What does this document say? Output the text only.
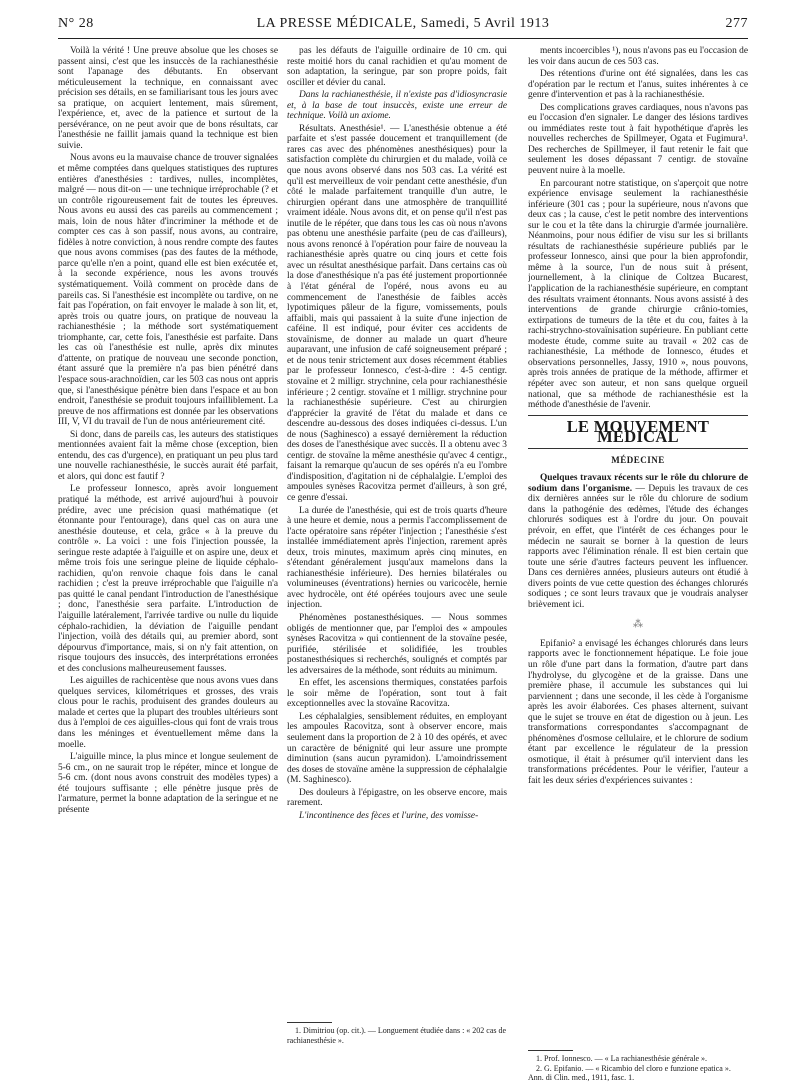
N° 28	LA PRESSE MÉDICALE, Samedi, 5 Avril 1913	277

Voilà la vérité ! Une preuve absolue que les choses se passent ainsi, c'est que les insuccès de la rachianesthésie sont l'apanage des débutants. En observant méticuleusement la technique, en connaissant avec précision ses détails, en se familiarisant tous les jours avec sa pratique, on acquiert lentement, mais sûrement, l'expérience, et, avec de la patience et surtout de la persévérance, on ne peut avoir que de bons résultats, car l'anesthésie ne faillit jamais quand la technique est bien suivie.

Nous avons eu la mauvaise chance de trouver signalées et même comptées dans quelques statistiques des ruptures entières d'anesthésies : tardives, nulles, incomplètes, malgré — nous dit-on — une technique irréprochable (? et un contrôle rigoureusement fait de toutes les épreuves. Nous avons eu aussi des cas pareils au commencement ; mais, loin de nous hâter d'incriminer la méthode et de compter ces cas à son passif, nous avons, au contraire, fidèles à notre conviction, à nous rendre compte des fautes que nous avons commises (pas des fautes de la méthode, parce qu'elle n'en a point, quand elle est bien exécutée et, à la seconde expérience, nous les avons trouvés systématiquement. Voilà comment on procède dans de pareils cas. Si l'anesthésie est incomplète ou tardive, on ne fait pas l'opération, on fait envoyer le malade à son lit, et, après trois ou quatre jours, on pratique de nouveau la rachianesthésie ; la méthode sort systématiquement triomphante, car, cette fois, l'anesthésie est parfaite. Dans les cas où l'anesthésie est nulle, après dix minutes d'attente, on pratique de nouveau une seconde ponction, étant assuré que la première n'a pas bien pénétré dans l'espace sous-arachnoïdien, car les 503 cas nous ont appris que, si l'anesthésique pénètre bien dans l'espace et au bon endroit, l'anesthésie se produit toujours infailliblement. La preuve de nos affirmations est donnée par les observations III, V, VI du travail de l'un de nous antérieurement cité.

Si donc, dans de pareils cas, les auteurs des statistiques mentionnées avaient fait la même chose (exception, bien entendu, des cas d'urgence), en pratiquant un peu plus tard une nouvelle rachianesthésie, le succès aurait été parfait, et alors, qui donc est fautif ?

Le professeur Ionnesco, après avoir longuement pratiqué la méthode, est arrivé aujourd'hui à pouvoir prédire, avec une précision quasi mathématique (et étonnante pour l'entourage), dans quel cas on aura une anesthésie douteuse, et cela, grâce « à la preuve du contrôle ». La voici : une fois l'injection poussée, la seringue reste adaptée à l'aiguille et on aspire une, deux et même trois fois une seringue pleine de liquide céphalo-rachidien, qu'on renvoie chaque fois dans le canal rachidien ; c'est la preuve irréprochable que l'aiguille n'a pas quitté le canal pendant l'introduction de l'anesthésique ; donc, l'anesthésie sera parfaite. L'introduction de l'aiguille latéralement, l'arrivée tardive ou nulle du liquide céphalo-rachidien, la déviation de l'aiguille pendant l'injection, voilà des détails qui, au premier abord, sont dépourvus d'importance, mais, si on n'y fait attention, on risque toujours des insuccès, des interprétations erronées et des conclusions malheureusement fausses.

Les aiguilles de rachicentèse que nous avons vues dans quelques services, kilométriques et grosses, des vrais clous pour le rachis, produisent des grandes douleurs au malade et certes que la plupart des troubles ultérieurs sont dus à l'emploi de ces aiguilles-clous qui font de vrais trous dans les méninges et éventuellement même dans la moelle.

L'aiguille mince, la plus mince et longue seulement de 5-6 cm., on ne saurait trop le répéter, mince et longue de 5-6 cm. (dont nous avons construit des modèles types) a été toujours suffisante ; elle pénètre jusque près de l'armature, permet la bonne adaptation de la seringue et ne présente

pas les défauts de l'aiguille ordinaire de 10 cm. qui reste moitié hors du canal rachidien et qu'au moment de son adaptation, la seringue, par son propre poids, fait osciller et dévier du canal.

Dans la rachianesthésie, il n'existe pas d'idiosyncrasie et, à la base de tout insuccès, existe une erreur de technique. Voilà un axiome.

Résultats. Anesthésie¹. — L'anesthésie obtenue a été parfaite et s'est passée doucement et tranquillement (de rares cas avec des phénomènes anesthésiques) pour la satisfaction complète du chirurgien et du malade, voilà ce que nous avons observé dans nos 503 cas. La vérité est qu'il est merveilleux de voir pendant cette anesthésie, d'un côté le malade parfaitement tranquille d'un autre, le chirurgien opérant dans une atmosphère de tranquillité vraiment idéale. Nous avons dit, et on pense qu'il n'est pas inutile de le répéter, que dans tous les cas où nous n'avons pas obtenu une anesthésie parfaite (peu de cas d'ailleurs), nous avons renoncé à l'opération pour faire de nouveau la rachianesthésie après quatre ou cinq jours et cette fois avec un résultat anesthésique parfait. Dans certains cas où la dose d'anesthésique n'a pas été justement proportionnée à l'état général de l'opéré, nous avons eu au commencement de l'anesthésie de faibles accès lypotimiques pâleur de la figure, vomissements, pouls affaibli, mais qui passaient à la suite d'une injection de caféine. Il est indiqué, pour éviter ces accidents de stovaïnisme, de donner au malade un quart d'heure auparavant, une infusion de café soigneusement préparé ; et de nous tenir strictement aux doses récemment établies par le professeur Ionnesco, c'est-à-dire : 4-5 centigr. stovaïne et 2 milligr. strychnine, cela pour rachianesthésie inférieure ; 2 centigr. stovaïne et 1 milligr. strychnine pour la rachianesthésie supérieure. C'est au chirurgien d'apprécier la gravité de l'état du malade et dans ce descendre au-dessous des doses indiquées ci-dessus. L'un de nous (Saghinesco) a essayé dernièrement la réduction des doses de l'anesthésique avec succès. Il a obtenu avec 3 centigr. de stovaïne la même anesthésie qu'avec 4 centigr., faisant la remarque qu'aucun de ses opérés n'a eu l'ombre d'indisposition, d'agitation ni de céphalalgie. L'emploi des ampoules synèses Racovitza permet d'ailleurs, à son gré, ce genre d'essai.

La durée de l'anesthésie, qui est de trois quarts d'heure à une heure et demie, nous a permis l'accomplissement de l'acte opératoire sans répéter l'injection ; l'anesthésie s'est installée immédiatement après l'injection, rarement après deux, trois minutes, maximum après cinq minutes, en s'étendant généralement jusqu'aux mamelons dans la rachianesthésie inférieure). Des hernies bilatérales ou volumineuses (éventrations) hernies ou varicocèle, hernie avec hydrocèle, ont été opérées toujours avec une seule injection.

Phénomènes postanesthésiques. — Nous sommes obligés de mentionner que, par l'emploi des « ampoules synèses Racovitza » qui contiennent de la stovaïne pesée, purifiée, stérilisée et solidifiée, les troubles postanesthésiques si recherchés, soulignés et comptés par les adversaires de la méthode, sont réduits au minimum.

En effet, les ascensions thermiques, constatées parfois le soir même de l'opération, sont tout à fait exceptionnelles avec la stovaïne Racovitza.

Les céphalalgies, sensiblement réduites, en employant les ampoules Racovitza, sont à observer encore, mais seulement dans la proportion de 2 à 10 des opérés, et avec un caractère de bénignité qui leur assure une prompte diminution (sans aucun pyramidon). L'amoindrissement des doses de stovaïne amène la suppression de céphalalgie (M. Saghinesco).

Des douleurs à l'épigastre, on les observe encore, mais rarement.

L'incontinence des fèces et l'urine, des vomisse-

1. Dimitriou (op. cit.). — Longuement étudiée dans : « 202 cas de rachianesthésie ».

ments incoercibles ¹), nous n'avons pas eu l'occasion de les voir dans aucun de ces 503 cas.

Des rétentions d'urine ont été signalées, dans les cas d'opération par le rectum et l'anus, suites inhérentes à ce genre d'intervention et pas à la rachianesthésie.

Des complications graves cardiaques, nous n'avons pas eu l'occasion d'en signaler. Le danger des lésions tardives ou immédiates reste tout à fait hypothétique d'après les nouvelles recherches de Spillmeyer, Ogata et Fugimura¹. Des recherches de Spillmeyer, il faut retenir le fait que seulement les doses dépassant 7 centigr. de stovaïne peuvent nuire à la moelle.

En parcourant notre statistique, on s'aperçoit que notre expérience envisage seulement la rachianesthésie inférieure (301 cas ; pour la supérieure, nous n'avons que deux cas ; la cause, c'est le petit nombre des interventions sur le cou et la tête dans la chirurgie d'armée journalière. Néanmoins, pour nous édifier de visu sur les si brillants résultats de rachianesthésie supérieure publiés par le professeur Ionnesco, ainsi que pour la bien approfondir, même à la source, l'un de nous suit à présent, journellement, à la clinique de Coltzea Bucarest, l'application de la rachianesthésie supérieure, en comptant des résultats vraiment étonnants. Nous avons assisté à des interventions de grande chirurgie crânio-tomies, extirpations de tumeurs de la tête et du cou, faites à la rachi-strychno-stovaïnisation supérieure. En publiant cette modeste étude, comme suite au travail « 202 cas de rachianesthésie, La méthode de Ionnesco, études et observations personnelles, Jassy, 1910 », nous pouvons, après trois années de pratique de la méthode, affirmer et répéter avec son auteur, et non sans quelque orgueil national, que sa méthode de rachianesthésie est la méthode d'anesthésie de l'avenir.

LE MOUVEMENT MÉDICAL
MÉDECINE

Quelques travaux récents sur le rôle du chlorure de sodium dans l'organisme. — Depuis les travaux de ces dix dernières années sur le rôle du chlorure de sodium dans la pathogénie des œdèmes, l'étude des échanges chlorurés sodiques est à l'ordre du jour. On pouvait prévoir, en effet, que l'intérêt de ces échanges pour le médecin ne saurait se borner à la question de leurs rapports avec l'élimination rénale. Il est bien certain que toute une série d'autres facteurs peuvent les influencer. Dans ces dernières années, plusieurs auteurs ont étudié à divers points de vue cette question des échanges chlorurés sodiques ; ce sont leurs travaux que je voudrais analyser brièvement ici.

⁂

Epifanio² a envisagé les échanges chlorurés dans leurs rapports avec le fonctionnement hépatique. Le foie joue un rôle d'une part dans la formation, d'autre part dans l'hydrolyse, du glycogène et de la graisse. Dans une première phase, il accumule les substances qui lui parviennent ; dans une seconde, il les cède à l'organisme après les avoir élaborées. Ces phases alternent, suivant que le sujet se trouve en état de digestion ou à jeun. Les transformations correspondantes s'accompagnant de phénomènes d'osmose cellulaire, et le chlorure de sodium étant par excellence le régulateur de la pression osmotique, il était à présumer qu'il intervient dans les transformations précédentes. Pour le vérifier, l'auteur a fait les deux séries d'expériences suivantes :

1. Prof. Ionnesco. — « La rachianesthésie générale ».

2. G. Epifanio. — « Ricambio del cloro e funzione epatica ». Ann. di Clin. med., 1911, fasc. 1.
